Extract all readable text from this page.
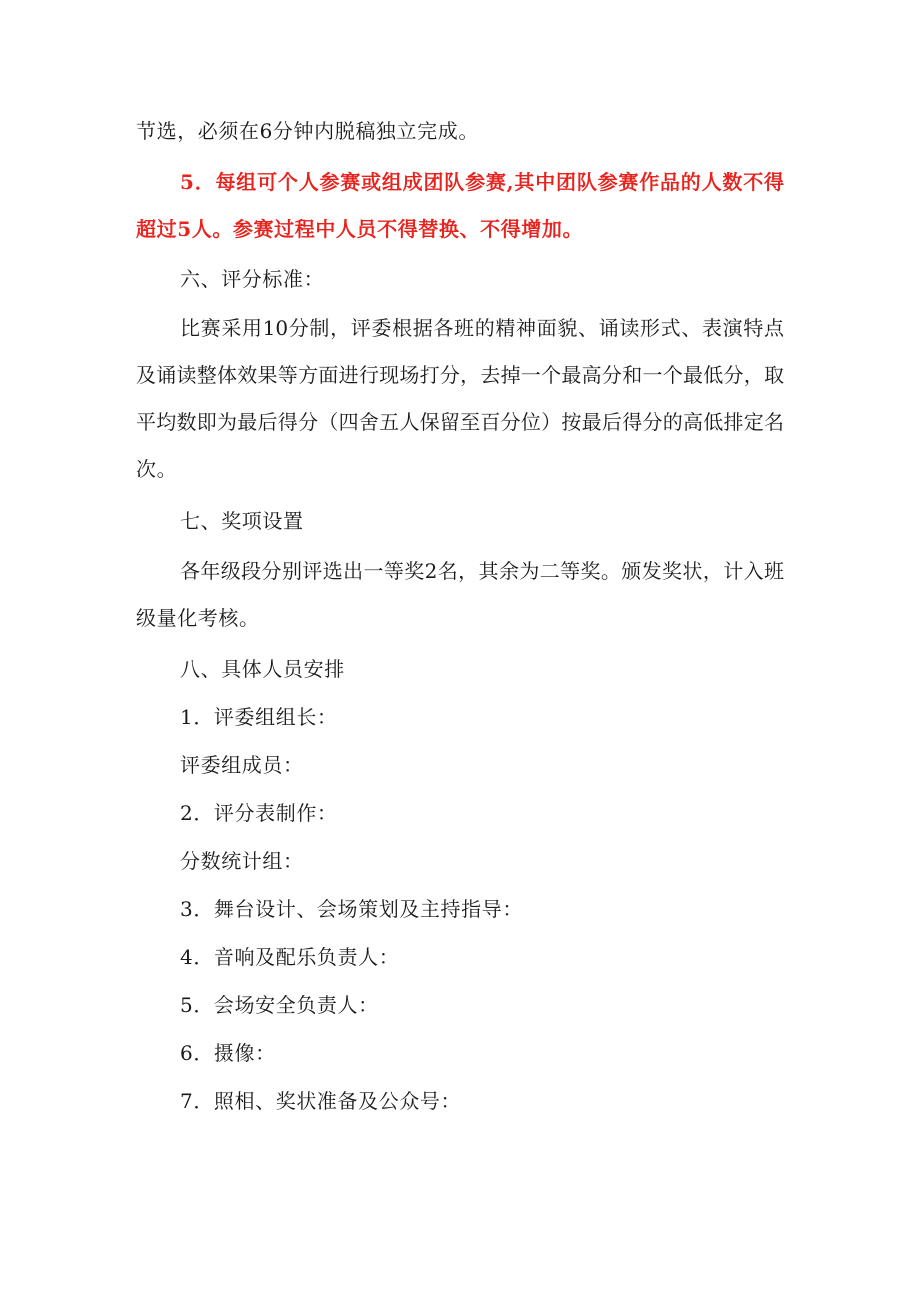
节选，必须在6分钟内脱稿独立完成。
5．每组可个人参赛或组成团队参赛,其中团队参赛作品的人数不得
超过5人。参赛过程中人员不得替换、不得增加。
六、评分标准：
比赛采用10分制，评委根据各班的精神面貌、诵读形式、表演特点
及诵读整体效果等方面进行现场打分，去掉一个最高分和一个最低分，取
平均数即为最后得分（四舍五人保留至百分位）按最后得分的高低排定名
次。
七、奖项设置
各年级段分别评选出一等奖2名，其余为二等奖。颁发奖状，计入班
级量化考核。
八、具体人员安排
1．评委组组长：
评委组成员：
2．评分表制作：
分数统计组：
3．舞台设计、会场策划及主持指导：
4．音响及配乐负责人：
5．会场安全负责人：
6．摄像：
7．照相、奖状准备及公众号：
